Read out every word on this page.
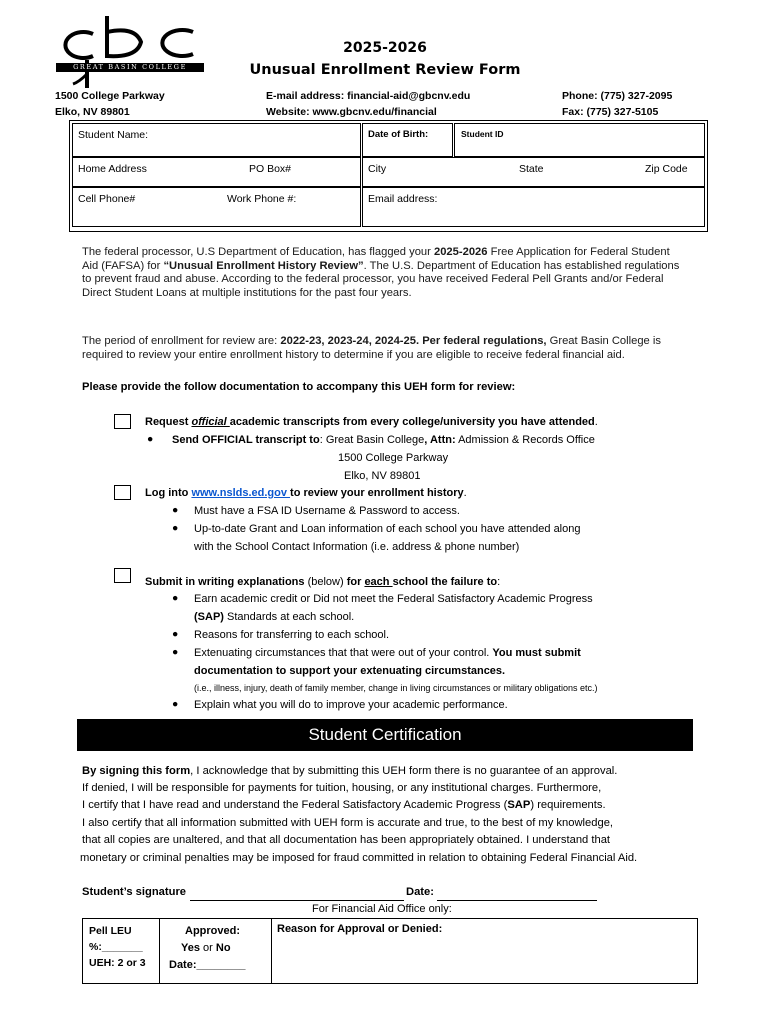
GREAT BASIN COLLEGE
2025-2026
Unusual Enrollment Review Form
1500 College Parkway
Elko, NV 89801
E-mail address: financial-aid@gbcnv.edu
Website: www.gbcnv.edu/financial
Phone: (775) 327-2095
Fax: (775) 327-5105
Student Name:	Date of Birth:	Student ID
Home Address	PO Box#	City	State	Zip Code
Cell Phone#	Work Phone #:	Email address:
The federal processor, U.S Department of Education, has flagged your 2025-2026 Free Application for Federal Student Aid (FAFSA) for “Unusual Enrollment History Review”. The U.S. Department of Education has established regulations to prevent fraud and abuse. According to the federal processor, you have received Federal Pell Grants and/or Federal Direct Student Loans at multiple institutions for the past four years.
The period of enrollment for review are: 2022-23, 2023-24, 2024-25. Per federal regulations, Great Basin College is required to review your entire enrollment history to determine if you are eligible to receive federal financial aid.
Please provide the follow documentation to accompany this UEH form for review:
Request official academic transcripts from every college/university you have attended.
● Send OFFICIAL transcript to: Great Basin College, Attn: Admission & Records Office
1500 College Parkway
Elko, NV 89801
Log into www.nslds.ed.gov to review your enrollment history.
● Must have a FSA ID Username & Password to access.
● Up-to-date Grant and Loan information of each school you have attended along
with the School Contact Information (i.e. address & phone number)
Submit in writing explanations (below) for each school the failure to:
● Earn academic credit or Did not meet the Federal Satisfactory Academic Progress
(SAP) Standards at each school.
● Reasons for transferring to each school.
● Extenuating circumstances that that were out of your control. You must submit
documentation to support your extenuating circumstances.
(i.e., illness, injury, death of family member, change in living circumstances or military obligations etc.)
● Explain what you will do to improve your academic performance.
Student Certification
By signing this form, I acknowledge that by submitting this UEH form there is no guarantee of an approval.
If denied, I will be responsible for payments for tuition, housing, or any institutional charges. Furthermore,
I certify that I have read and understand the Federal Satisfactory Academic Progress (SAP) requirements.
I also certify that all information submitted with UEH form is accurate and true, to the best of my knowledge,
that all copies are unaltered, and that all documentation has been appropriately obtained. I understand that
monetary or criminal penalties may be imposed for fraud committed in relation to obtaining Federal Financial Aid.
Student’s signature	Date:
For Financial Aid Office only:
Pell LEU
%:_______
UEH: 2 or 3
Approved:
Yes or No
Date:________
Reason for Approval or Denied:
